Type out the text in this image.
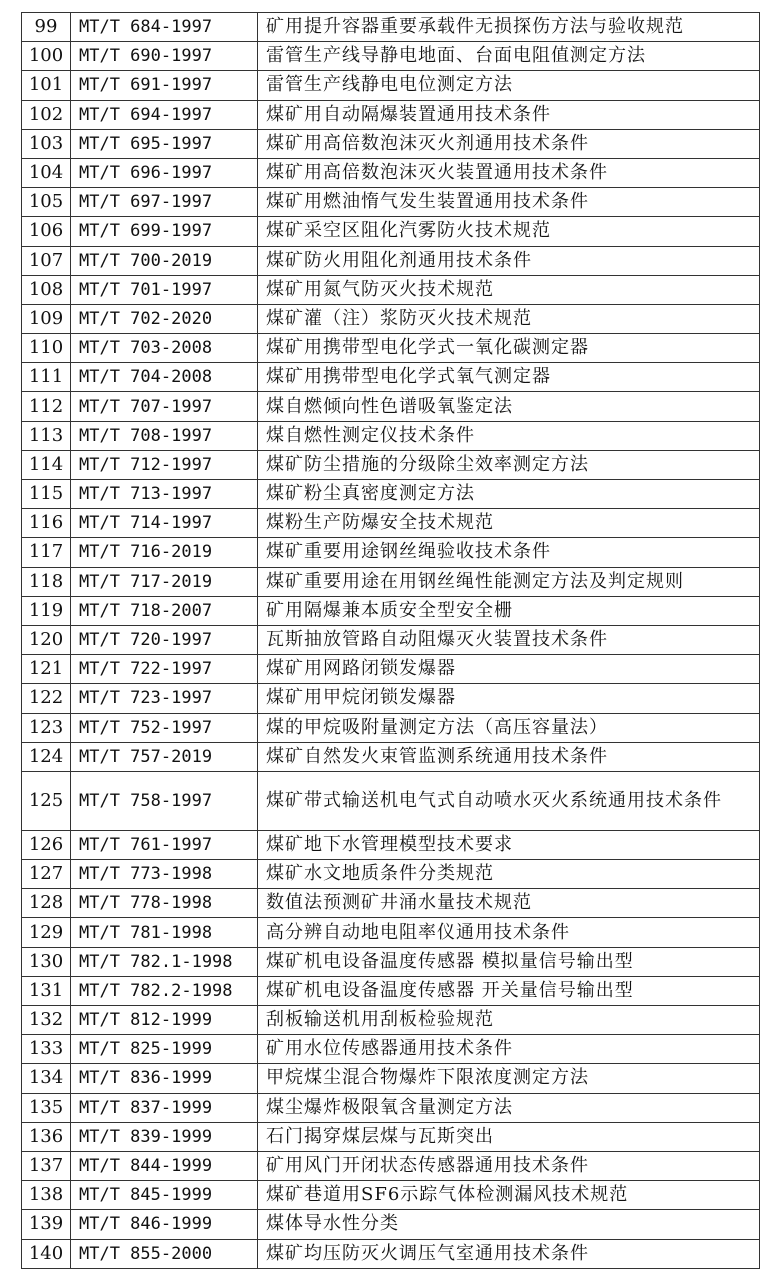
99	MT/T 684-1997	矿用提升容器重要承载件无损探伤方法与验收规范
100	MT/T 690-1997	雷管生产线导静电地面、台面电阻值测定方法
101	MT/T 691-1997	雷管生产线静电电位测定方法
102	MT/T 694-1997	煤矿用自动隔爆装置通用技术条件
103	MT/T 695-1997	煤矿用高倍数泡沫灭火剂通用技术条件
104	MT/T 696-1997	煤矿用高倍数泡沫灭火装置通用技术条件
105	MT/T 697-1997	煤矿用燃油惰气发生装置通用技术条件
106	MT/T 699-1997	煤矿采空区阻化汽雾防火技术规范
107	MT/T 700-2019	煤矿防火用阻化剂通用技术条件
108	MT/T 701-1997	煤矿用氮气防灭火技术规范
109	MT/T 702-2020	煤矿灌（注）浆防灭火技术规范
110	MT/T 703-2008	煤矿用携带型电化学式一氧化碳测定器
111	MT/T 704-2008	煤矿用携带型电化学式氧气测定器
112	MT/T 707-1997	煤自燃倾向性色谱吸氧鉴定法
113	MT/T 708-1997	煤自燃性测定仪技术条件
114	MT/T 712-1997	煤矿防尘措施的分级除尘效率测定方法
115	MT/T 713-1997	煤矿粉尘真密度测定方法
116	MT/T 714-1997	煤粉生产防爆安全技术规范
117	MT/T 716-2019	煤矿重要用途钢丝绳验收技术条件
118	MT/T 717-2019	煤矿重要用途在用钢丝绳性能测定方法及判定规则
119	MT/T 718-2007	矿用隔爆兼本质安全型安全栅
120	MT/T 720-1997	瓦斯抽放管路自动阻爆灭火装置技术条件
121	MT/T 722-1997	煤矿用网路闭锁发爆器
122	MT/T 723-1997	煤矿用甲烷闭锁发爆器
123	MT/T 752-1997	煤的甲烷吸附量测定方法（高压容量法）
124	MT/T 757-2019	煤矿自然发火束管监测系统通用技术条件
125	MT/T 758-1997	煤矿带式输送机电气式自动喷水灭火系统通用技术条件
126	MT/T 761-1997	煤矿地下水管理模型技术要求
127	MT/T 773-1998	煤矿水文地质条件分类规范
128	MT/T 778-1998	数值法预测矿井涌水量技术规范
129	MT/T 781-1998	高分辨自动地电阻率仪通用技术条件
130	MT/T 782.1-1998	煤矿机电设备温度传感器 模拟量信号输出型
131	MT/T 782.2-1998	煤矿机电设备温度传感器 开关量信号输出型
132	MT/T 812-1999	刮板输送机用刮板检验规范
133	MT/T 825-1999	矿用水位传感器通用技术条件
134	MT/T 836-1999	甲烷煤尘混合物爆炸下限浓度测定方法
135	MT/T 837-1999	煤尘爆炸极限氧含量测定方法
136	MT/T 839-1999	石门揭穿煤层煤与瓦斯突出
137	MT/T 844-1999	矿用风门开闭状态传感器通用技术条件
138	MT/T 845-1999	煤矿巷道用SF6示踪气体检测漏风技术规范
139	MT/T 846-1999	煤体导水性分类
140	MT/T 855-2000	煤矿均压防灭火调压气室通用技术条件
